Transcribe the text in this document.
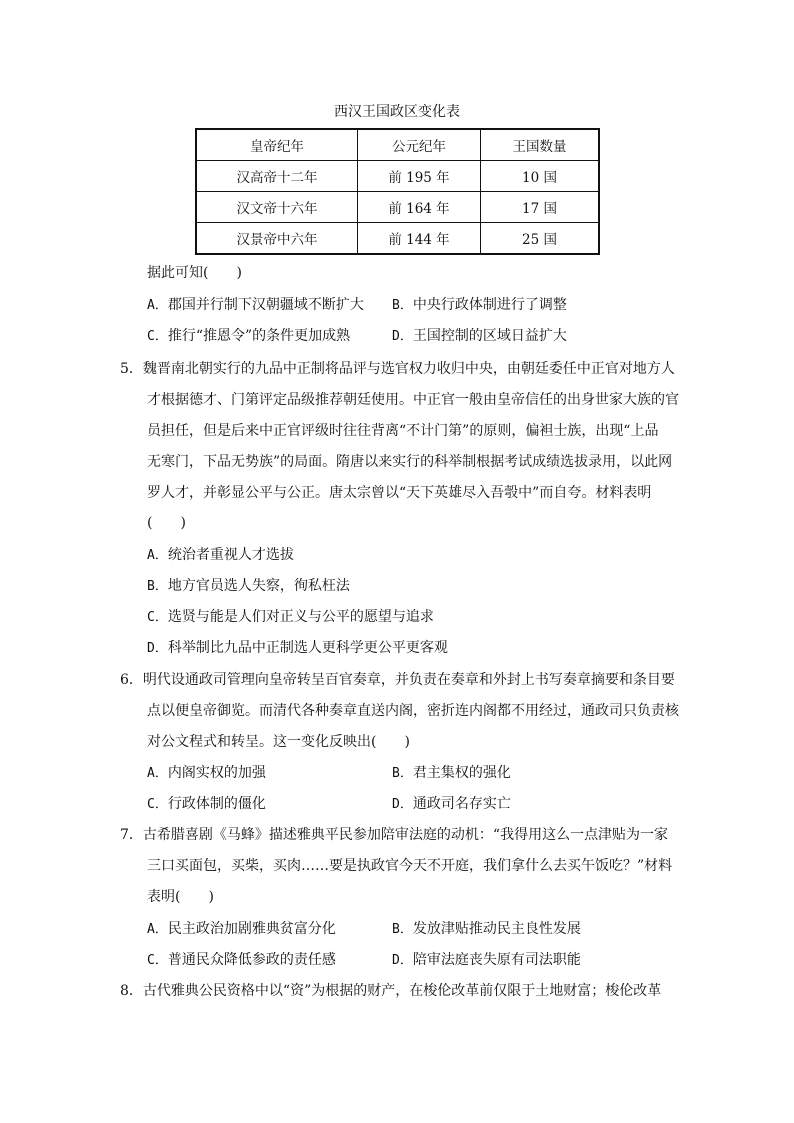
西汉王国政区变化表
皇帝纪年	公元纪年	王国数量
汉高帝十二年	前 195 年	10 国
汉文帝十六年	前 164 年	17 国
汉景帝中六年	前 144 年	25 国
据此可知(　　)
A．郡国并行制下汉朝疆域不断扩大 B．中央行政体制进行了调整
C．推行“推恩令”的条件更加成熟	D．王国控制的区域日益扩大
5．魏晋南北朝实行的九品中正制将品评与选官权力收归中央，由朝廷委任中正官对地方人
才根据德才、门第评定品级推荐朝廷使用。中正官一般由皇帝信任的出身世家大族的官
员担任，但是后来中正官评级时往往背离“不计门第”的原则，偏袒士族，出现“上品
无寒门，下品无势族”的局面。隋唐以来实行的科举制根据考试成绩选拔录用，以此网
罗人才，并彰显公平与公正。唐太宗曾以“天下英雄尽入吾彀中”而自夸。材料表明
(　　)
A．统治者重视人才选拔
B．地方官员选人失察，徇私枉法
C．选贤与能是人们对正义与公平的愿望与追求
D．科举制比九品中正制选人更科学更公平更客观
6．明代设通政司管理向皇帝转呈百官奏章，并负责在奏章和外封上书写奏章摘要和条目要
点以便皇帝御览。而清代各种奏章直送内阁，密折连内阁都不用经过，通政司只负责核
对公文程式和转呈。这一变化反映出(　　)
A．内阁实权的加强	B．君主集权的强化
C．行政体制的僵化	D．通政司名存实亡
7．古希腊喜剧《马蜂》描述雅典平民参加陪审法庭的动机：“我得用这么一点津贴为一家
三口买面包，买柴，买肉……要是执政官今天不开庭，我们拿什么去买午饭吃？”材料
表明(　　)
A．民主政治加剧雅典贫富分化	B．发放津贴推动民主良性发展
C．普通民众降低参政的责任感	D．陪审法庭丧失原有司法职能
8．古代雅典公民资格中以“资”为根据的财产，在梭伦改革前仅限于土地财富；梭伦改革
